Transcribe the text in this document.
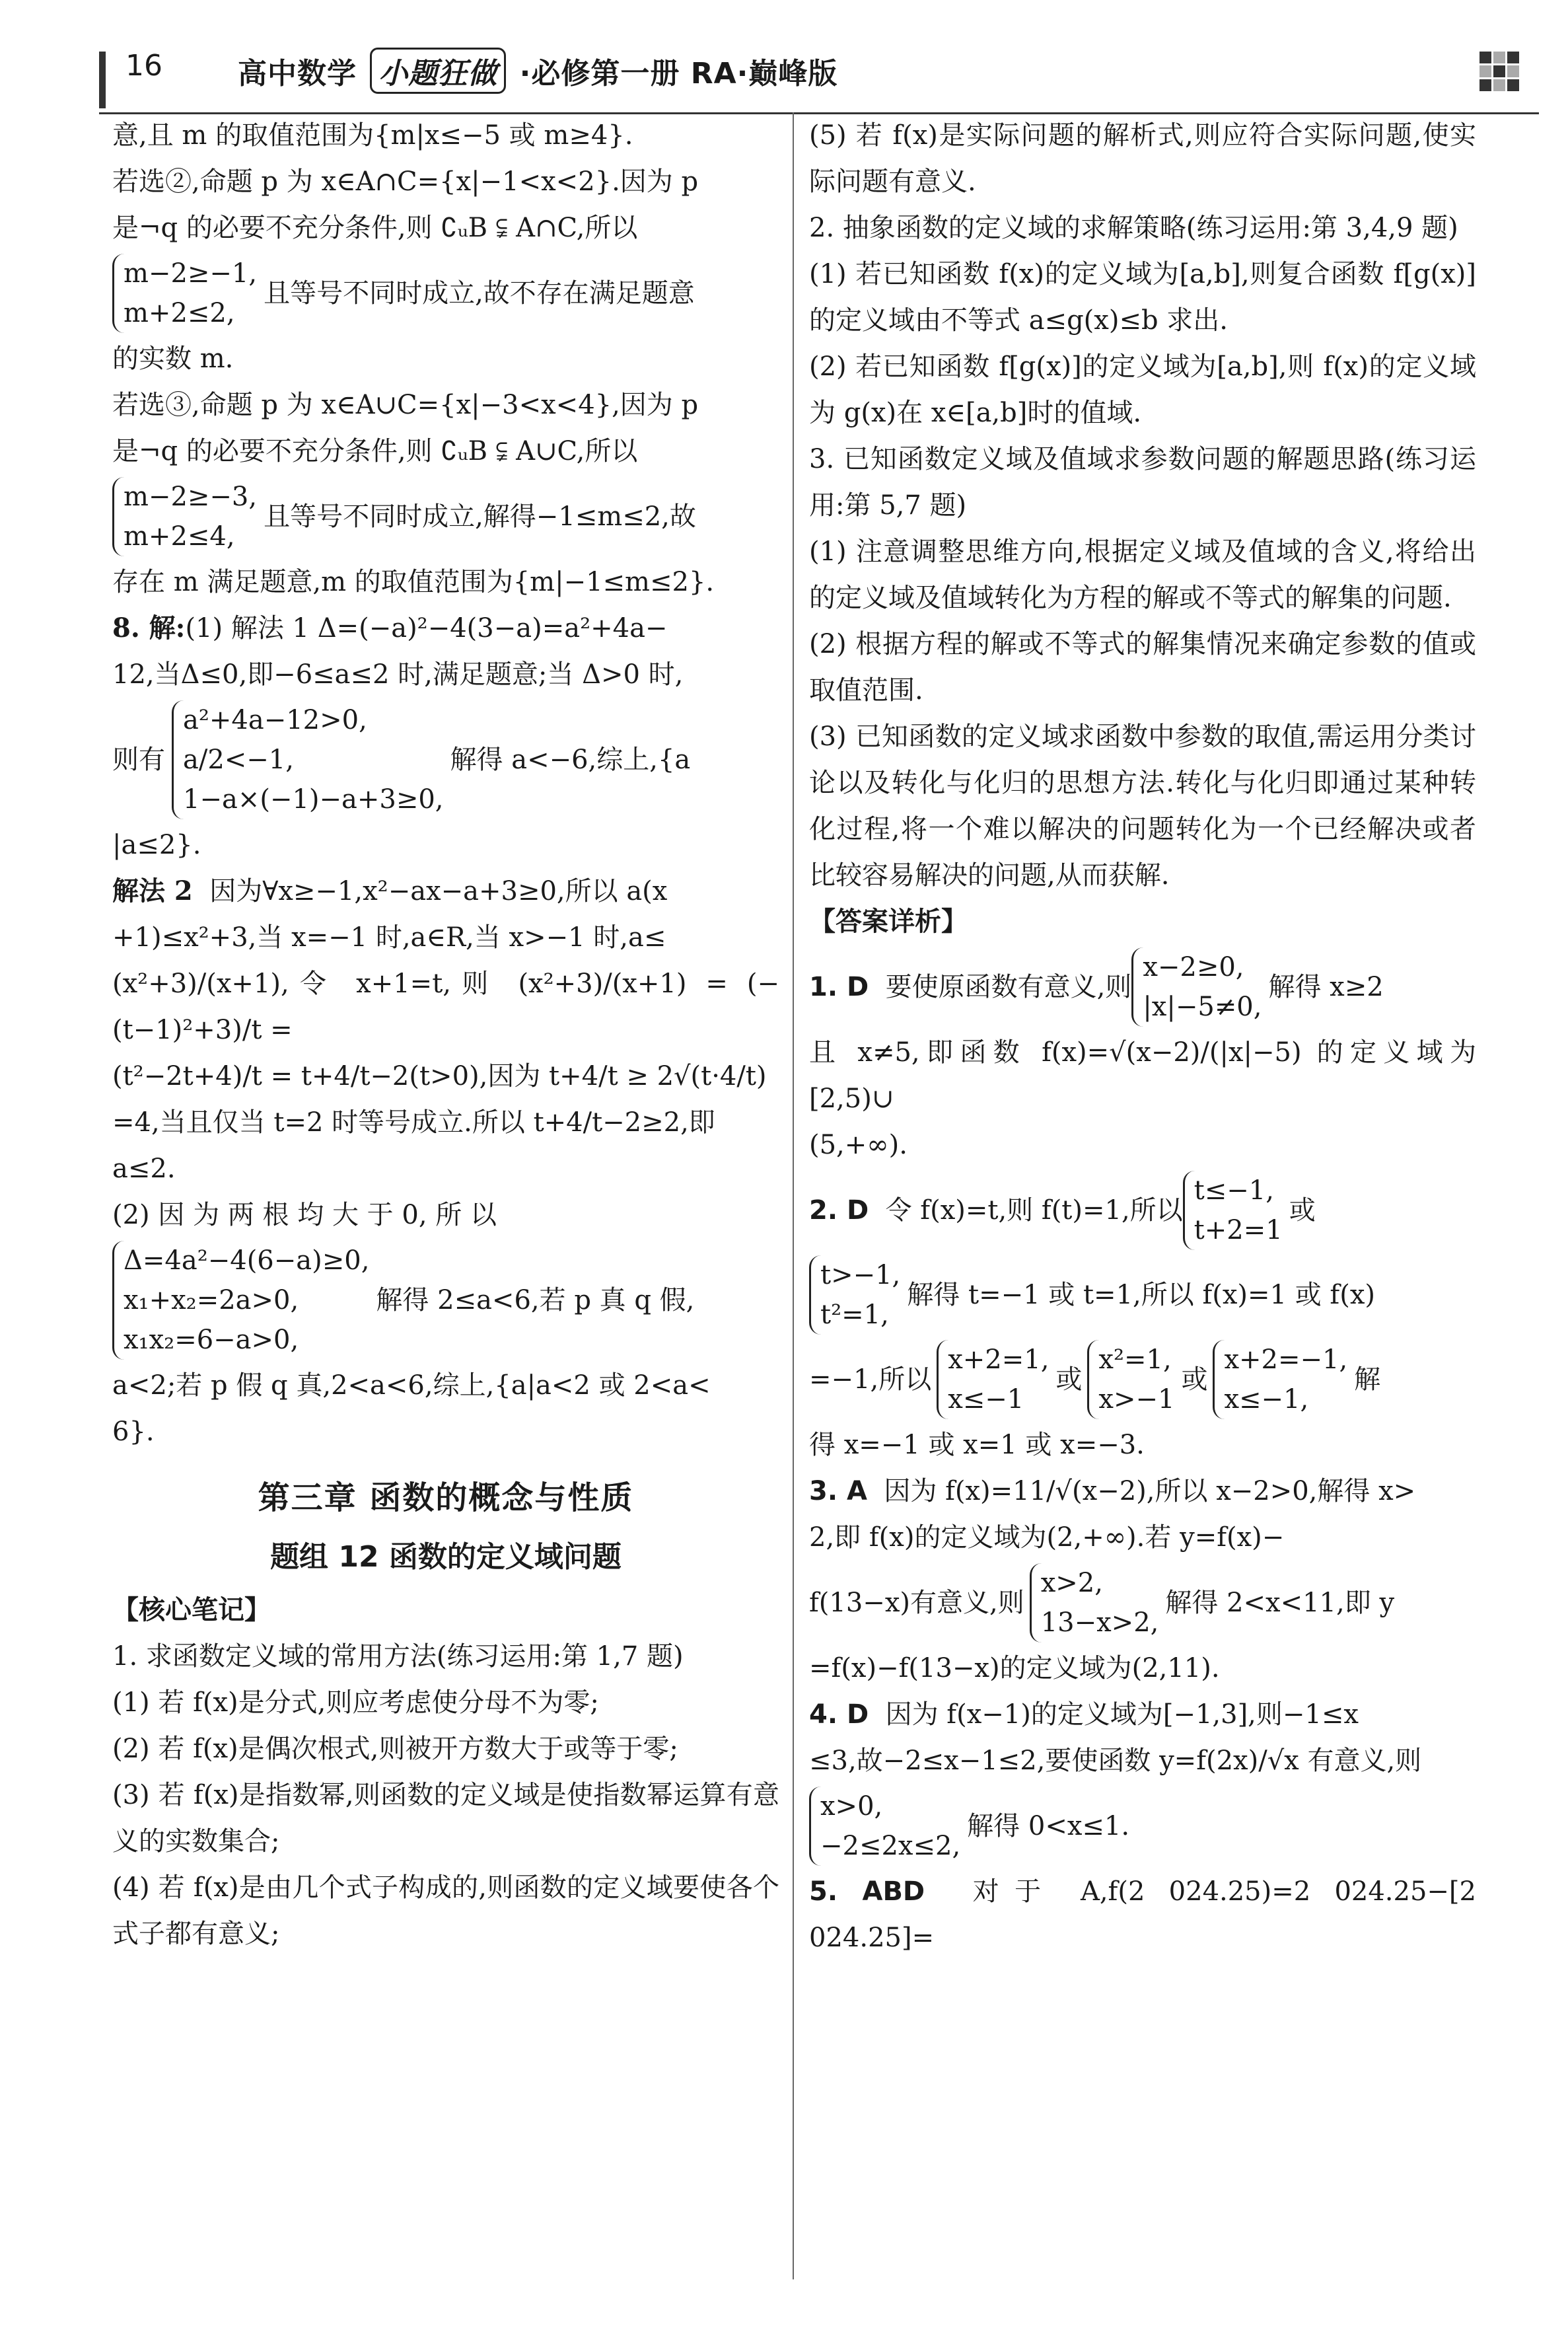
16	高中数学 小题狂做 ·必修第一册 RA·巅峰版

意,且 m 的取值范围为{m|x≤−5 或 m≥4}.

若选②,命题 p 为 x∈A∩C={x|−1<x<2}.因为 p

是¬q 的必要不充分条件,则 ∁ᵤB ⫋ A∩C,所以

m−2≥−1,
m+2≤2,
且等号不同时成立,故不存在满足题意

的实数 m.

若选③,命题 p 为 x∈A∪C={x|−3<x<4},因为 p

是¬q 的必要不充分条件,则 ∁ᵤB ⫋ A∪C,所以

m−2≥−3,
m+2≤4,
且等号不同时成立,解得−1≤m≤2,故

存在 m 满足题意,m 的取值范围为{m|−1≤m≤2}.

8. 解:(1) 解法 1 Δ=(−a)²−4(3−a)=a²+4a−

12,当Δ≤0,即−6≤a≤2 时,满足题意;当 Δ>0 时,

则有
a²+4a−12>0,
a/2<−1,
1−a×(−1)−a+3≥0,
解得 a<−6,综上,{a

|a≤2}.

解法 2 因为∀x≥−1,x²−ax−a+3≥0,所以 a(x

+1)≤x²+3,当 x=−1 时,a∈R,当 x>−1 时,a≤

(x²+3)/(x+1),令 x+1=t,则 (x²+3)/(x+1) = (−(t−1)²+3)/t =

(t²−2t+4)/t = t+4/t−2(t>0),因为 t+4/t ≥ 2√(t·4/t)

=4,当且仅当 t=2 时等号成立.所以 t+4/t−2≥2,即

a≤2.

(2) 因 为 两 根 均 大 于 0, 所 以

Δ=4a²−4(6−a)≥0,
x₁+x₂=2a>0,
x₁x₂=6−a>0,
解得 2≤a<6,若 p 真 q 假,

a<2;若 p 假 q 真,2<a<6,综上,{a|a<2 或 2<a<

6}.

第三章 函数的概念与性质
题组 12 函数的定义域问题

【核心笔记】

1. 求函数定义域的常用方法(练习运用:第 1,7 题)

(1) 若 f(x)是分式,则应考虑使分母不为零;

(2) 若 f(x)是偶次根式,则被开方数大于或等于零;

(3) 若 f(x)是指数幂,则函数的定义域是使指数幂运算有意义的实数集合;

(4) 若 f(x)是由几个式子构成的,则函数的定义域要使各个式子都有意义;

(5) 若 f(x)是实际问题的解析式,则应符合实际问题,使实际问题有意义.

2. 抽象函数的定义域的求解策略(练习运用:第 3,4,9 题)

(1) 若已知函数 f(x)的定义域为[a,b],则复合函数 f[g(x)]的定义域由不等式 a≤g(x)≤b 求出.

(2) 若已知函数 f[g(x)]的定义域为[a,b],则 f(x)的定义域为 g(x)在 x∈[a,b]时的值域.

3. 已知函数定义域及值域求参数问题的解题思路(练习运用:第 5,7 题)

(1) 注意调整思维方向,根据定义域及值域的含义,将给出的定义域及值域转化为方程的解或不等式的解集的问题.

(2) 根据方程的解或不等式的解集情况来确定参数的值或取值范围.

(3) 已知函数的定义域求函数中参数的取值,需运用分类讨论以及转化与化归的思想方法.转化与化归即通过某种转化过程,将一个难以解决的问题转化为一个已经解决或者比较容易解决的问题,从而获解.

【答案详析】

1. D
要使原函数有意义,则
x−2≥0,
|x|−5≠0,
解得 x≥2

且 x≠5,即函数 f(x)=√(x−2)/(|x|−5) 的定义域为[2,5)∪

(5,+∞).

2. D
令 f(x)=t,则 f(t)=1,所以
t≤−1,
t+2=1
或
t>−1,
t²=1,
解得 t=−1 或 t=1,所以 f(x)=1 或 f(x)
=−1,所以
x+2=1,
x≤−1
或
x²=1,
x>−1
或
x+2=−1,
x≤−1,
解

得 x=−1 或 x=1 或 x=−3.

3. A 因为 f(x)=11/√(x−2),所以 x−2>0,解得 x>

2,即 f(x)的定义域为(2,+∞).若 y=f(x)−

f(13−x)有意义,则
x>2,
13−x>2,
解得 2<x<11,即 y

=f(x)−f(13−x)的定义域为(2,11).

4. D 因为 f(x−1)的定义域为[−1,3],则−1≤x

≤3,故−2≤x−1≤2,要使函数 y=f(2x)/√x 有意义,则

x>0,
−2≤2x≤2,
解得 0<x≤1.

5. ABD 对于 A,f(2 024.25)=2 024.25−[2 024.25]=
